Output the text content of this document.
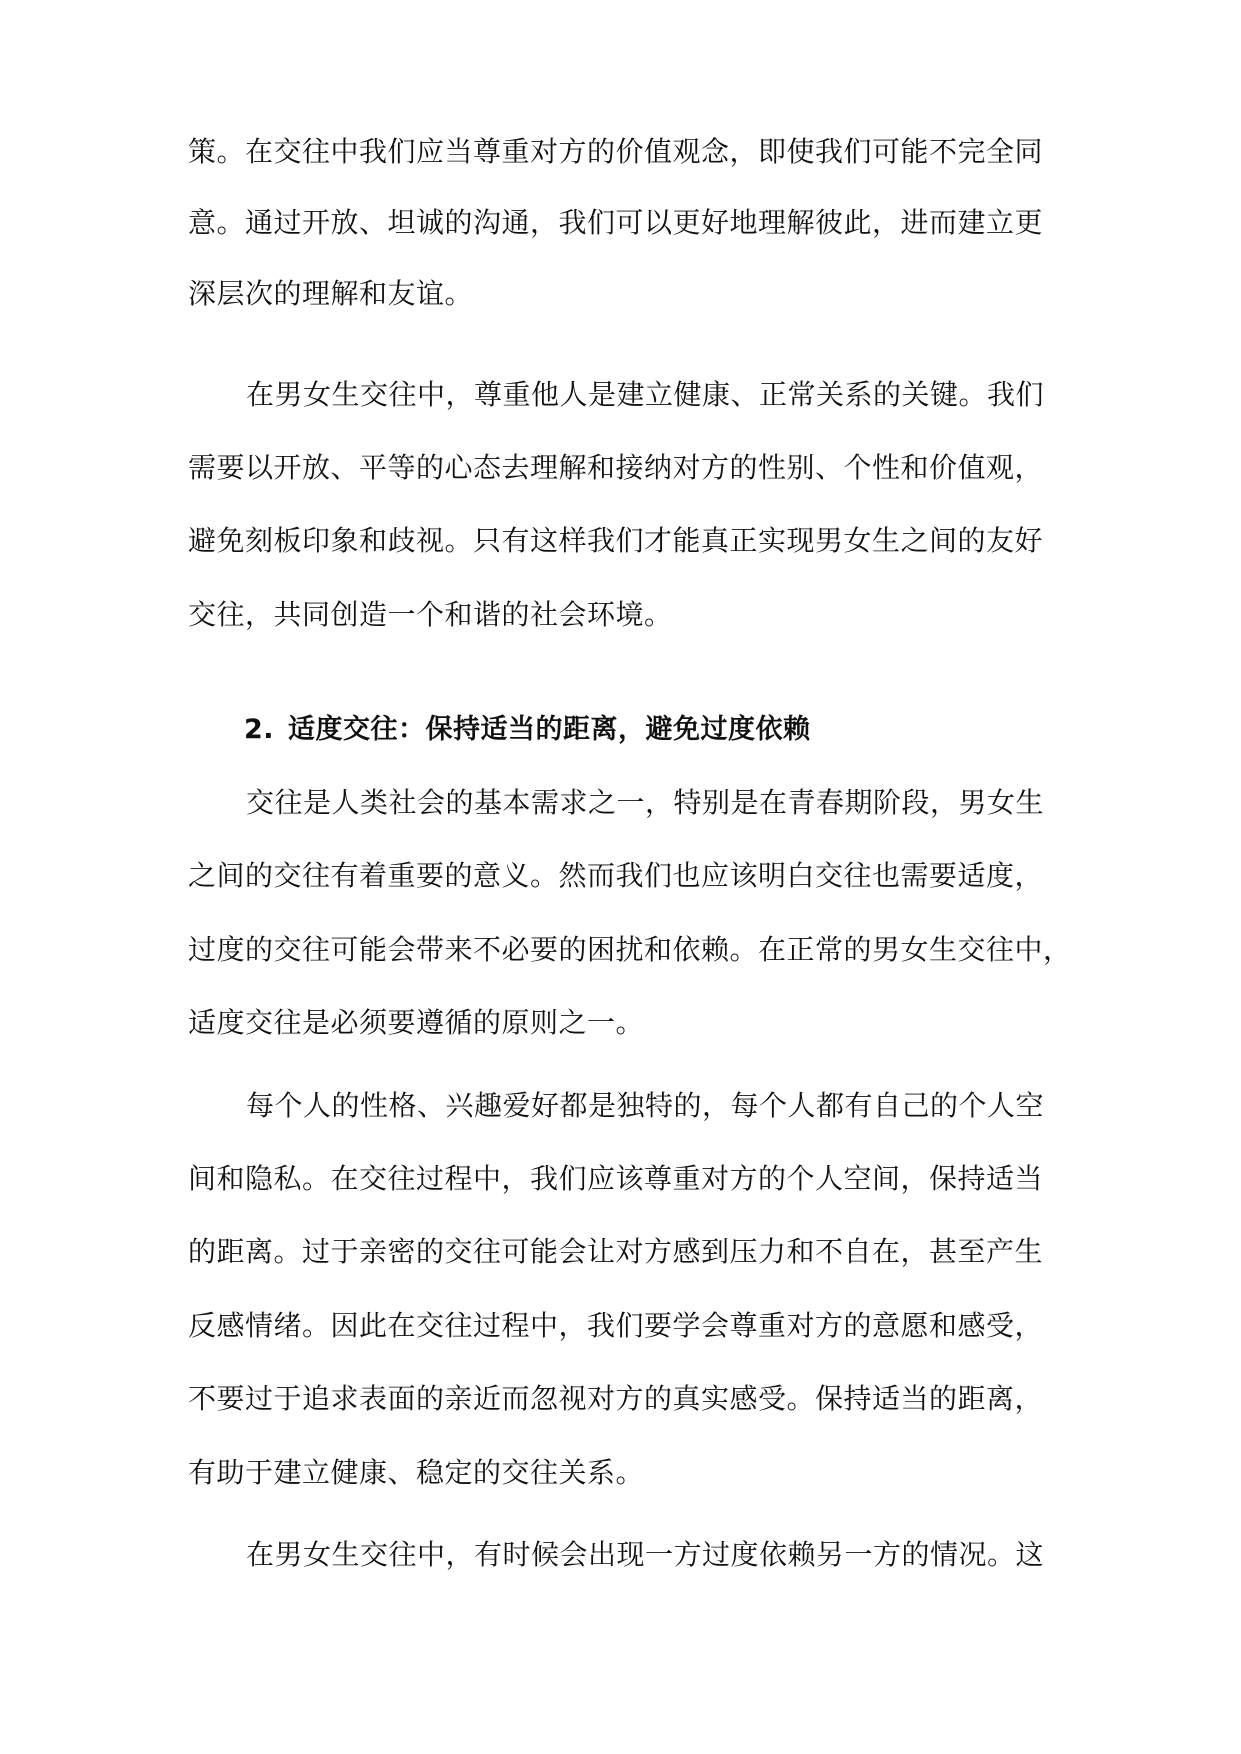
策。在交往中我们应当尊重对方的价值观念，即使我们可能不完全同
意。通过开放、坦诚的沟通，我们可以更好地理解彼此，进而建立更
深层次的理解和友谊。
在男女生交往中，尊重他人是建立健康、正常关系的关键。我们
需要以开放、平等的心态去理解和接纳对方的性别、个性和价值观，
避免刻板印象和歧视。只有这样我们才能真正实现男女生之间的友好
交往，共同创造一个和谐的社会环境。
2. 适度交往：保持适当的距离，避免过度依赖
交往是人类社会的基本需求之一，特别是在青春期阶段，男女生
之间的交往有着重要的意义。然而我们也应该明白交往也需要适度，
过度的交往可能会带来不必要的困扰和依赖。在正常的男女生交往中，
适度交往是必须要遵循的原则之一。
每个人的性格、兴趣爱好都是独特的，每个人都有自己的个人空
间和隐私。在交往过程中，我们应该尊重对方的个人空间，保持适当
的距离。过于亲密的交往可能会让对方感到压力和不自在，甚至产生
反感情绪。因此在交往过程中，我们要学会尊重对方的意愿和感受，
不要过于追求表面的亲近而忽视对方的真实感受。保持适当的距离，
有助于建立健康、稳定的交往关系。
在男女生交往中，有时候会出现一方过度依赖另一方的情况。这
